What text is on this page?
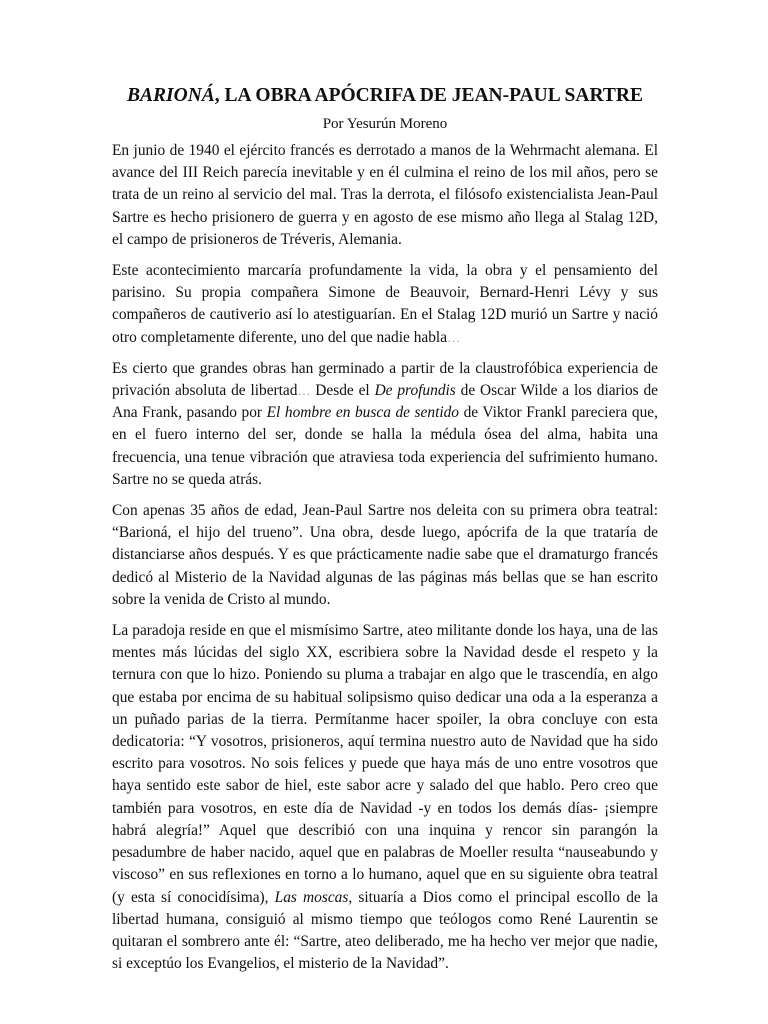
BARIONÁ, LA OBRA APÓCRIFA DE JEAN-PAUL SARTRE
Por Yesurún Moreno

En junio de 1940 el ejército francés es derrotado a manos de la Wehrmacht alemana. El avance del III Reich parecía inevitable y en él culmina el reino de los mil años, pero se trata de un reino al servicio del mal. Tras la derrota, el filósofo existencialista Jean-Paul Sartre es hecho prisionero de guerra y en agosto de ese mismo año llega al Stalag 12D, el campo de prisioneros de Tréveris, Alemania.

Este acontecimiento marcaría profundamente la vida, la obra y el pensamiento del parisino. Su propia compañera Simone de Beauvoir, Bernard-Henri Lévy y sus compañeros de cautiverio así lo atestiguarían. En el Stalag 12D murió un Sartre y nació otro completamente diferente, uno del que nadie habla…

Es cierto que grandes obras han germinado a partir de la claustrofóbica experiencia de privación absoluta de libertad… Desde el De profundis de Oscar Wilde a los diarios de Ana Frank, pasando por El hombre en busca de sentido de Viktor Frankl pareciera que, en el fuero interno del ser, donde se halla la médula ósea del alma, habita una frecuencia, una tenue vibración que atraviesa toda experiencia del sufrimiento humano. Sartre no se queda atrás.

Con apenas 35 años de edad, Jean-Paul Sartre nos deleita con su primera obra teatral: “Barioná, el hijo del trueno”. Una obra, desde luego, apócrifa de la que trataría de distanciarse años después. Y es que prácticamente nadie sabe que el dramaturgo francés dedicó al Misterio de la Navidad algunas de las páginas más bellas que se han escrito sobre la venida de Cristo al mundo.

La paradoja reside en que el mismísimo Sartre, ateo militante donde los haya, una de las mentes más lúcidas del siglo XX, escribiera sobre la Navidad desde el respeto y la ternura con que lo hizo. Poniendo su pluma a trabajar en algo que le trascendía, en algo que estaba por encima de su habitual solipsismo quiso dedicar una oda a la esperanza a un puñado parias de la tierra. Permítanme hacer spoiler, la obra concluye con esta dedicatoria: “Y vosotros, prisioneros, aquí termina nuestro auto de Navidad que ha sido escrito para vosotros. No sois felices y puede que haya más de uno entre vosotros que haya sentido este sabor de hiel, este sabor acre y salado del que hablo. Pero creo que también para vosotros, en este día de Navidad -y en todos los demás días- ¡siempre habrá alegría!” Aquel que describió con una inquina y rencor sin parangón la pesadumbre de haber nacido, aquel que en palabras de Moeller resulta “nauseabundo y viscoso” en sus reflexiones en torno a lo humano, aquel que en su siguiente obra teatral (y esta sí conocidísima), Las moscas, situaría a Dios como el principal escollo de la libertad humana, consiguió al mismo tiempo que teólogos como René Laurentin se quitaran el sombrero ante él: “Sartre, ateo deliberado, me ha hecho ver mejor que nadie, si exceptúo los Evangelios, el misterio de la Navidad”.
